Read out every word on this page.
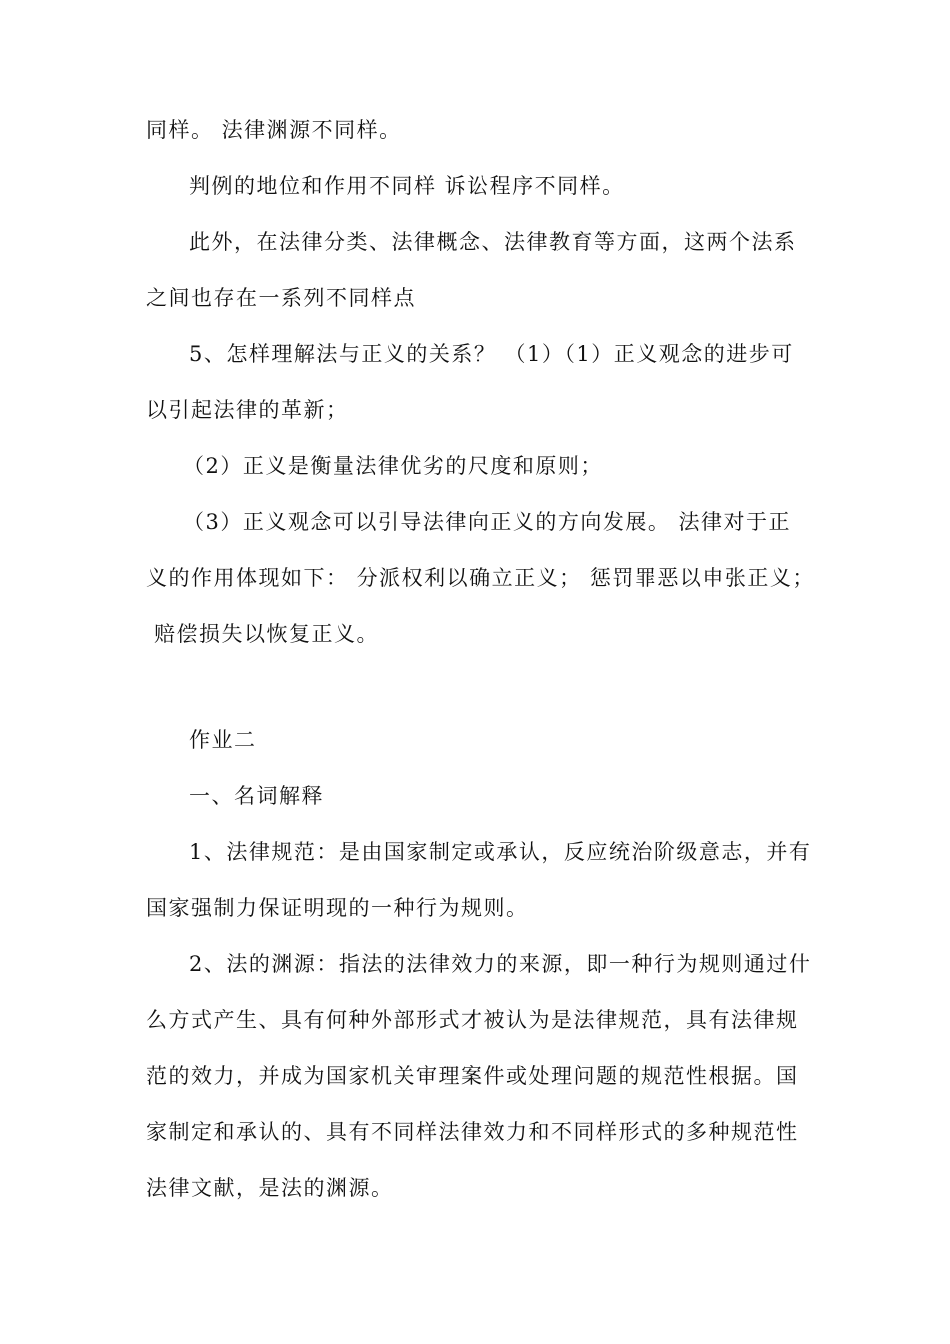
同样。 法律渊源不同样。
判例的地位和作用不同样 诉讼程序不同样。
此外，在法律分类、法律概念、法律教育等方面，这两个法系
之间也存在一系列不同样点
5、怎样理解法与正义的关系？ （1）（1）正义观念的进步可
以引起法律的革新；
（2）正义是衡量法律优劣的尺度和原则；
（3）正义观念可以引导法律向正义的方向发展。 法律对于正
义的作用体现如下： 分派权利以确立正义； 惩罚罪恶以申张正义；
赔偿损失以恢复正义。
作业二
一、名词解释
1、法律规范：是由国家制定或承认，反应统治阶级意志，并有
国家强制力保证明现的一种行为规则。
2、法的渊源：指法的法律效力的来源，即一种行为规则通过什
么方式产生、具有何种外部形式才被认为是法律规范，具有法律规
范的效力，并成为国家机关审理案件或处理问题的规范性根据。国
家制定和承认的、具有不同样法律效力和不同样形式的多种规范性
法律文献，是法的渊源。
